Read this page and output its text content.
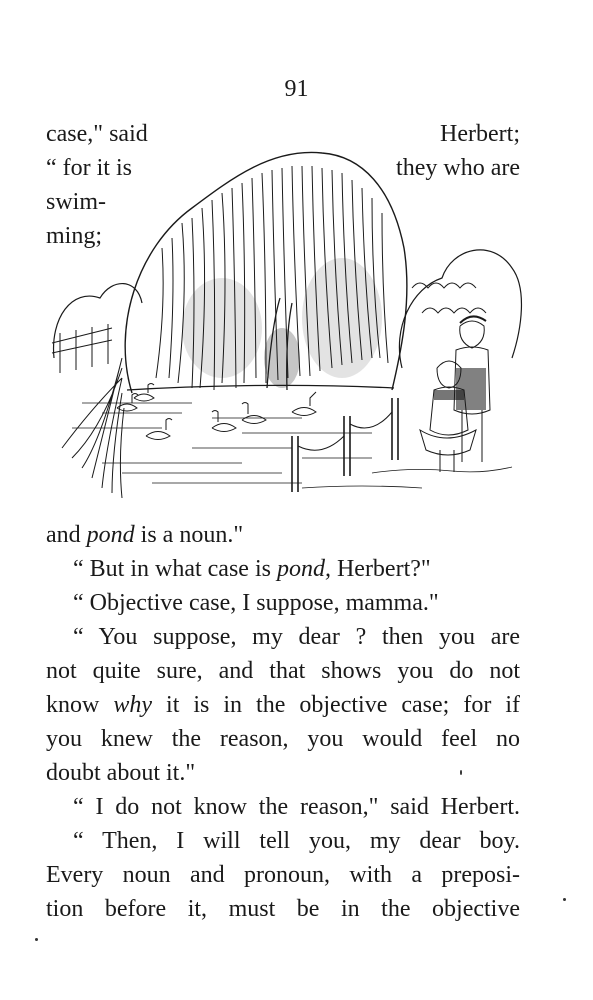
91
case," said	Herbert;
“ for it is	they who are
swim-
ming;
and pond is a noun."
“ But in what case is pond, Herbert?"
“ Objective case, I suppose, mamma."
“ You suppose, my dear ? then you are
not quite sure, and that shows you do not
know why it is in the objective case; for if
you knew the reason, you would feel no
doubt about it."
“ I do not know the reason," said Herbert.
“ Then, I will tell you, my dear boy.
Every noun and pronoun, with a preposi-
tion before it, must be in the objective
